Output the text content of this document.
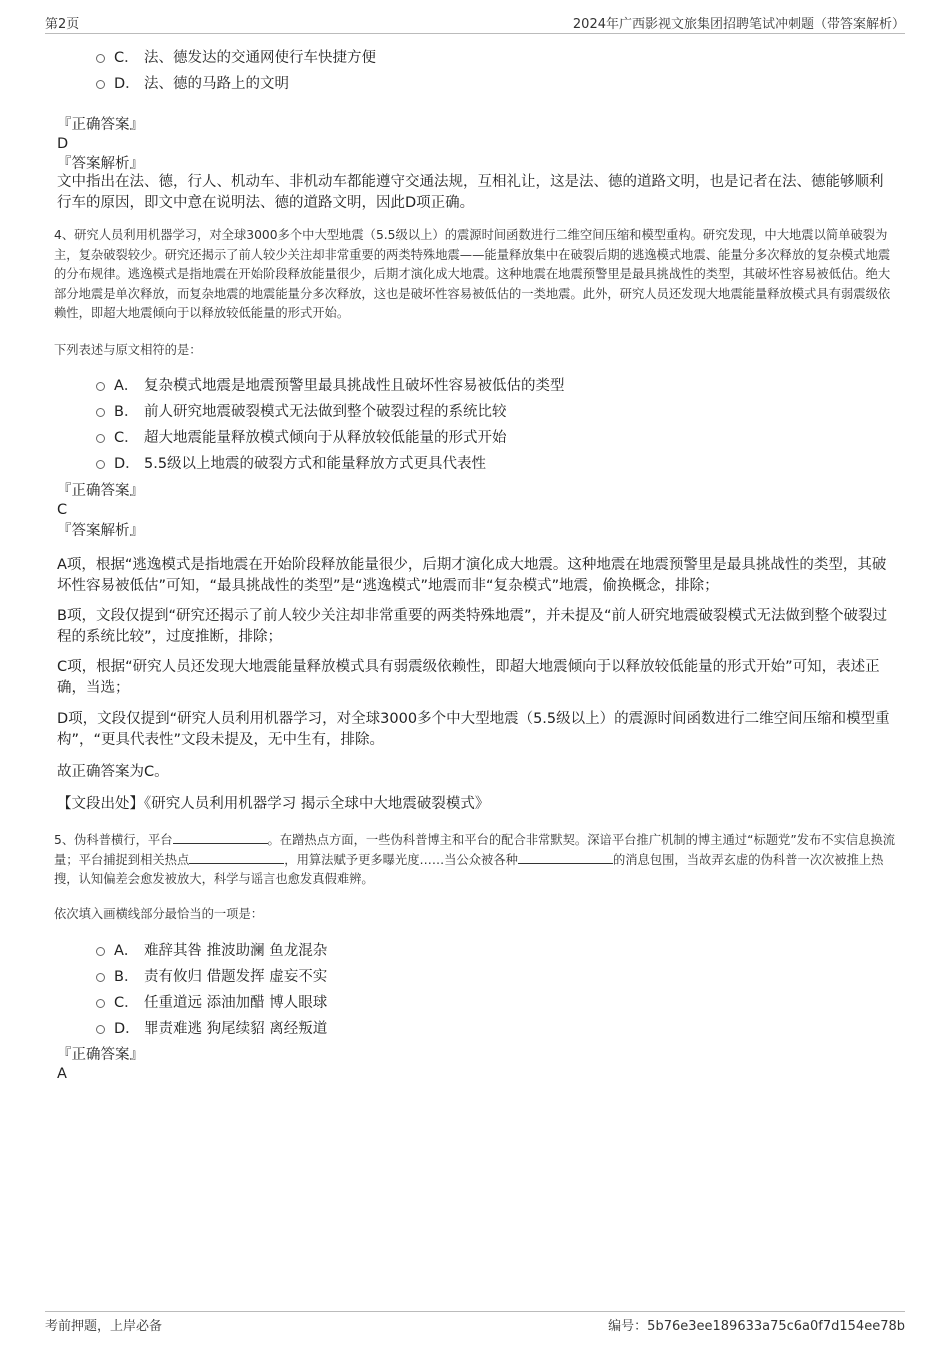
第2页	2024年广西影视文旅集团招聘笔试冲刺题（带答案解析）
C． 法、德发达的交通网使行车快捷方便
D． 法、德的马路上的文明
『正确答案』
D
『答案解析』
文中指出在法、德，行人、机动车、非机动车都能遵守交通法规，互相礼让，这是法、德的道路文明，也是记者在法、德能够顺利行车的原因，即文中意在说明法、德的道路文明，因此D项正确。
4、研究人员利用机器学习，对全球3000多个中大型地震（5.5级以上）的震源时间函数进行二维空间压缩和模型重构。研究发现，中大地震以简单破裂为主，复杂破裂较少。研究还揭示了前人较少关注却非常重要的两类特殊地震——能量释放集中在破裂后期的逃逸模式地震、能量分多次释放的复杂模式地震的分布规律。逃逸模式是指地震在开始阶段释放能量很少，后期才演化成大地震。这种地震在地震预警里是最具挑战性的类型，其破坏性容易被低估。绝大部分地震是单次释放，而复杂地震的地震能量分多次释放，这也是破坏性容易被低估的一类地震。此外，研究人员还发现大地震能量释放模式具有弱震级依赖性，即超大地震倾向于以释放较低能量的形式开始。
下列表述与原文相符的是：
A． 复杂模式地震是地震预警里最具挑战性且破坏性容易被低估的类型
B． 前人研究地震破裂模式无法做到整个破裂过程的系统比较
C． 超大地震能量释放模式倾向于从释放较低能量的形式开始
D． 5.5级以上地震的破裂方式和能量释放方式更具代表性
『正确答案』
C
『答案解析』
A项，根据“逃逸模式是指地震在开始阶段释放能量很少，后期才演化成大地震。这种地震在地震预警里是最具挑战性的类型，其破坏性容易被低估”可知，“最具挑战性的类型”是“逃逸模式”地震而非“复杂模式”地震，偷换概念，排除；
B项，文段仅提到“研究还揭示了前人较少关注却非常重要的两类特殊地震”，并未提及“前人研究地震破裂模式无法做到整个破裂过程的系统比较”，过度推断，排除；
C项，根据“研究人员还发现大地震能量释放模式具有弱震级依赖性，即超大地震倾向于以释放较低能量的形式开始”可知，表述正确，当选；
D项，文段仅提到“研究人员利用机器学习，对全球3000多个中大型地震（5.5级以上）的震源时间函数进行二维空间压缩和模型重构”，“更具代表性”文段未提及，无中生有，排除。
故正确答案为C。
【文段出处】《研究人员利用机器学习 揭示全球中大地震破裂模式》
5、伪科普横行，平台	。在蹭热点方面，一些伪科普博主和平台的配合非常默契。深谙平台推广机制的博主通过“标题党”发布不实信息换流量；平台捕捉到相关热点	，用算法赋予更多曝光度……当公众被各种	的消息包围，当故弄玄虚的伪科普一次次被推上热搜，认知偏差会愈发被放大，科学与谣言也愈发真假难辨。
依次填入画横线部分最恰当的一项是：
A． 难辞其咎 推波助澜 鱼龙混杂
B． 责有攸归 借题发挥 虚妄不实
C． 任重道远 添油加醋 博人眼球
D． 罪责难逃 狗尾续貂 离经叛道
『正确答案』
A
考前押题，上岸必备	编号：5b76e3ee189633a75c6a0f7d154ee78b
